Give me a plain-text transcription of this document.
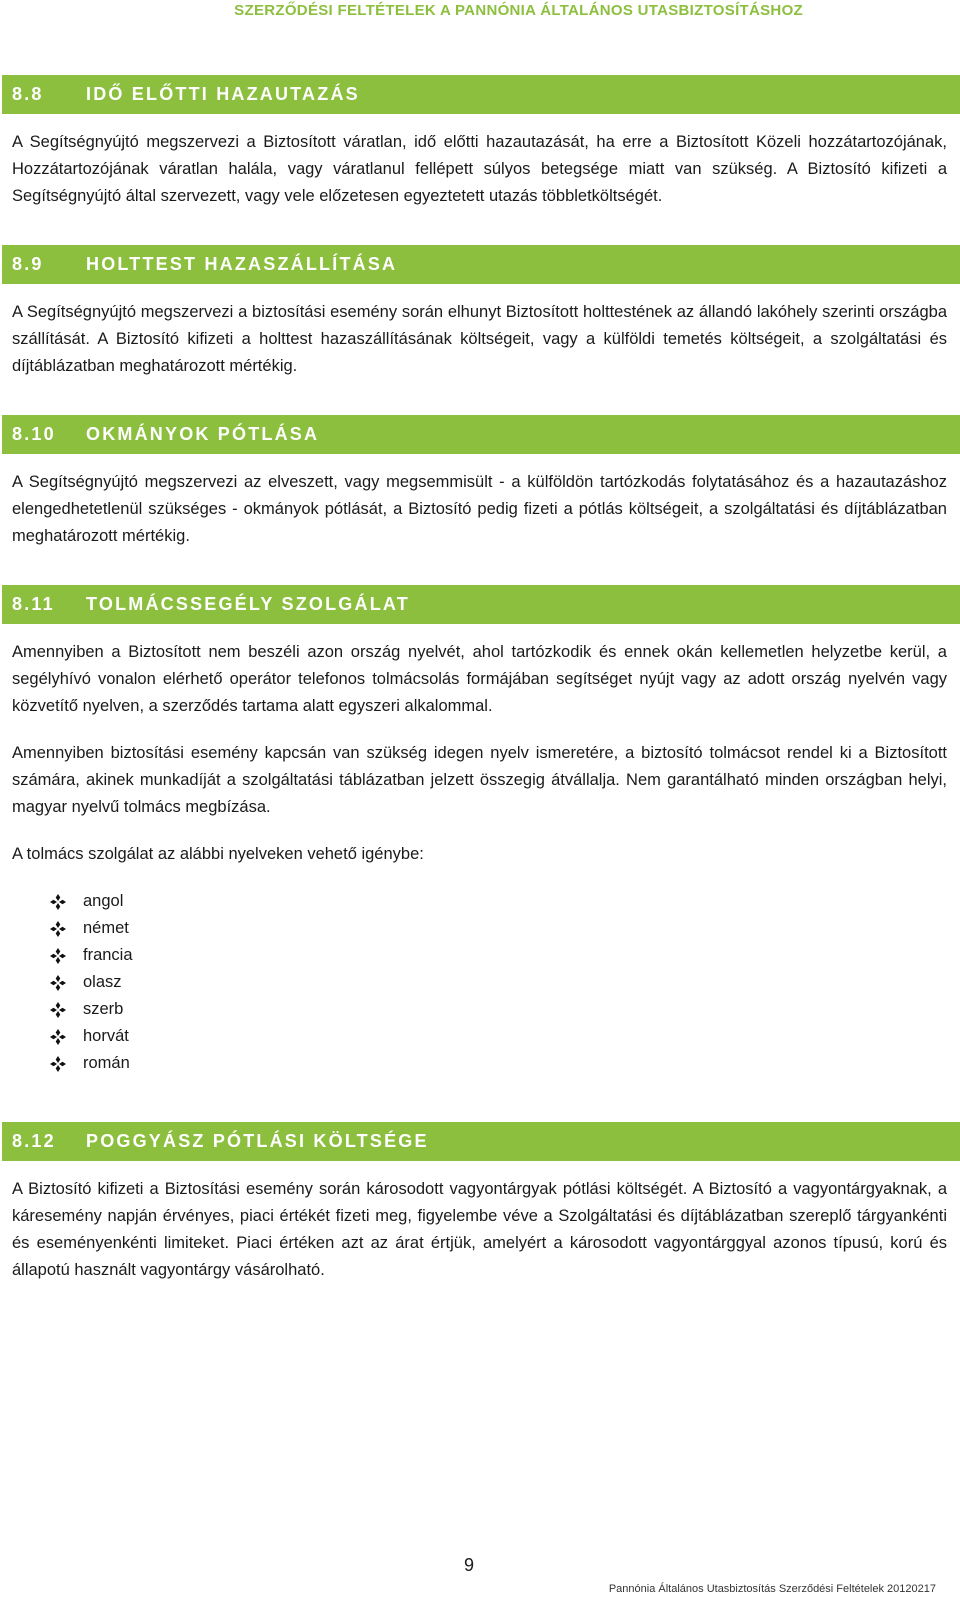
SZERZŐDÉSI FELTÉTELEK A PANNÓNIA ÁLTALÁNOS UTASBIZTOSÍTÁSHOZ
8.8	IDŐ ELŐTTI HAZAUTAZÁS

A Segítségnyújtó megszervezi a Biztosított váratlan, idő előtti hazautazását, ha erre a Biztosított Közeli hozzátartozójának, Hozzátartozójának váratlan halála, vagy váratlanul fellépett súlyos betegsége miatt van szükség. A Biztosító kifizeti a Segítségnyújtó által szervezett, vagy vele előzetesen egyeztetett utazás többletköltségét.

8.9	HOLTTEST HAZASZÁLLÍTÁSA

A Segítségnyújtó megszervezi a biztosítási esemény során elhunyt Biztosított holttestének az állandó lakóhely szerinti országba szállítását. A Biztosító kifizeti a holttest hazaszállításának költségeit, vagy a külföldi temetés költségeit, a szolgáltatási és díjtáblázatban meghatározott mértékig.

8.10	OKMÁNYOK PÓTLÁSA

A Segítségnyújtó megszervezi az elveszett, vagy megsemmisült - a külföldön tartózkodás folytatásához és a hazautazáshoz elengedhetetlenül szükséges - okmányok pótlását, a Biztosító pedig fizeti a pótlás költségeit, a szolgáltatási és díjtáblázatban meghatározott mértékig.

8.11	TOLMÁCSSEGÉLY SZOLGÁLAT

Amennyiben a Biztosított nem beszéli azon ország nyelvét, ahol tartózkodik és ennek okán kellemetlen helyzetbe kerül, a segélyhívó vonalon elérhető operátor telefonos tolmácsolás formájában segítséget nyújt vagy az adott ország nyelvén vagy közvetítő nyelven, a szerződés tartama alatt egyszeri alkalommal.

Amennyiben biztosítási esemény kapcsán van szükség idegen nyelv ismeretére, a biztosító tolmácsot rendel ki a Biztosított számára, akinek munkadíját a szolgáltatási táblázatban jelzett összegig átvállalja. Nem garantálható minden országban helyi, magyar nyelvű tolmács megbízása.

A tolmács szolgálat az alábbi nyelveken vehető igénybe:

angol
német
francia
olasz
szerb
horvát
román
8.12	POGGYÁSZ PÓTLÁSI KÖLTSÉGE

A Biztosító kifizeti a Biztosítási esemény során károsodott vagyontárgyak pótlási költségét. A Biztosító a vagyontárgyaknak, a káresemény napján érvényes, piaci értékét fizeti meg, figyelembe véve a Szolgáltatási és díjtáblázatban szereplő tárgyankénti és eseményenkénti limiteket. Piaci értéken azt az árat értjük, amelyért a károsodott vagyontárggyal azonos típusú, korú és állapotú használt vagyontárgy vásárolható.

9
Pannónia Általános Utasbiztosítás Szerződési Feltételek 20120217
